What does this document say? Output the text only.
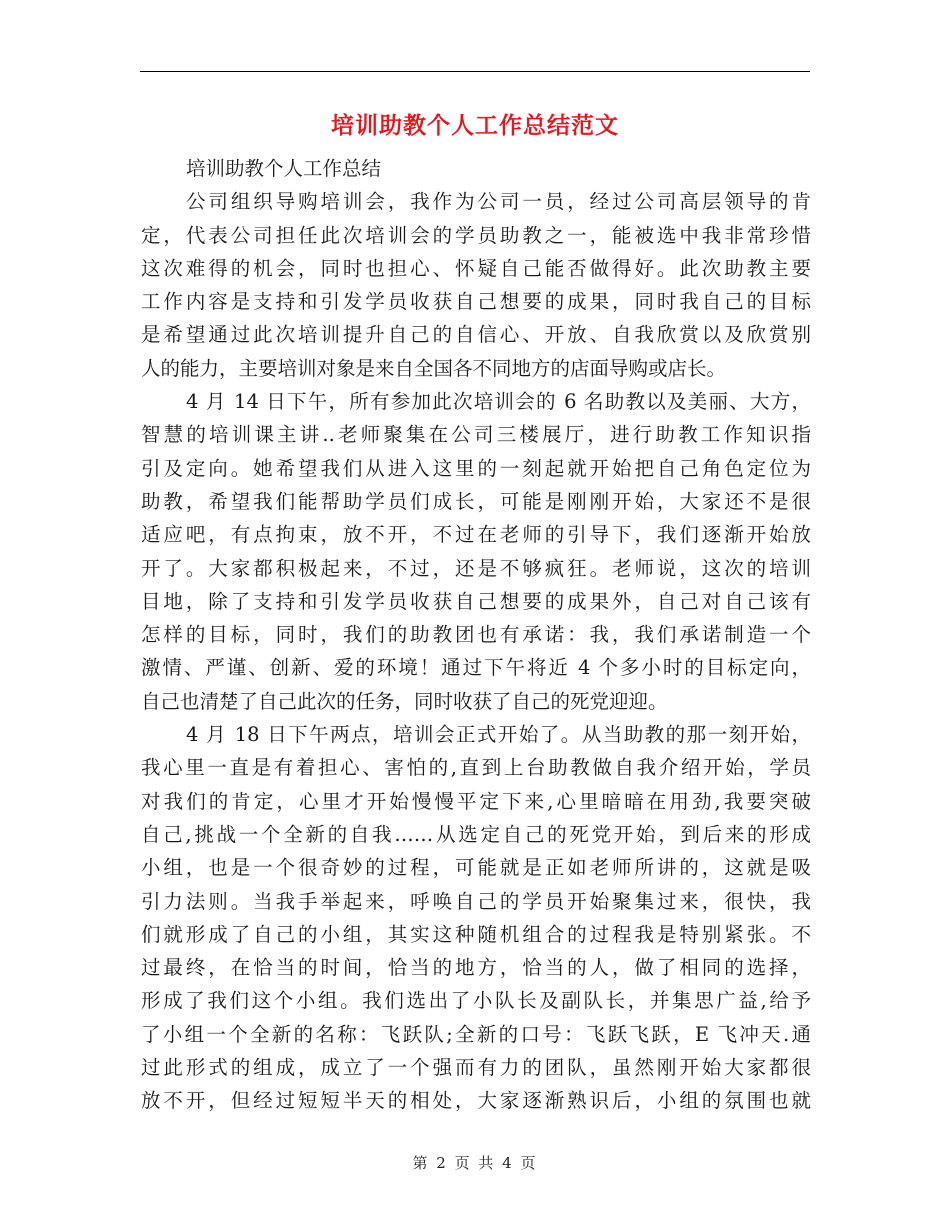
培训助教个人工作总结范文
培训助教个人工作总结
公司组织导购培训会，我作为公司一员，经过公司高层领导的肯
定，代表公司担任此次培训会的学员助教之一，能被选中我非常珍惜
这次难得的机会，同时也担心、怀疑自己能否做得好。此次助教主要
工作内容是支持和引发学员收获自己想要的成果，同时我自己的目标
是希望通过此次培训提升自己的自信心、开放、自我欣赏以及欣赏别
人的能力，主要培训对象是来自全国各不同地方的店面导购或店长。
4 月 14 日下午，所有参加此次培训会的 6 名助教以及美丽、大方，
智慧的培训课主讲..老师聚集在公司三楼展厅，进行助教工作知识指
引及定向。她希望我们从进入这里的一刻起就开始把自己角色定位为
助教，希望我们能帮助学员们成长，可能是刚刚开始，大家还不是很
适应吧，有点拘束，放不开，不过在老师的引导下，我们逐渐开始放
开了。大家都积极起来，不过，还是不够疯狂。老师说，这次的培训
目地，除了支持和引发学员收获自己想要的成果外，自己对自己该有
怎样的目标，同时，我们的助教团也有承诺：我，我们承诺制造一个
激情、严谨、创新、爱的环境！通过下午将近 4 个多小时的目标定向，
自己也清楚了自己此次的任务，同时收获了自己的死党迎迎。
4 月 18 日下午两点，培训会正式开始了。从当助教的那一刻开始，
我心里一直是有着担心、害怕的,直到上台助教做自我介绍开始，学员
对我们的肯定，心里才开始慢慢平定下来,心里暗暗在用劲,我要突破
自己,挑战一个全新的自我……从选定自己的死党开始，到后来的形成
小组，也是一个很奇妙的过程，可能就是正如老师所讲的，这就是吸
引力法则。当我手举起来，呼唤自己的学员开始聚集过来，很快，我
们就形成了自己的小组，其实这种随机组合的过程我是特别紧张。不
过最终，在恰当的时间，恰当的地方，恰当的人，做了相同的选择，
形成了我们这个小组。我们选出了小队长及副队长，并集思广益,给予
了小组一个全新的名称：飞跃队;全新的口号：飞跃飞跃，E 飞冲天.通
过此形式的组成，成立了一个强而有力的团队，虽然刚开始大家都很
放不开，但经过短短半天的相处，大家逐渐熟识后，小组的氛围也就
第 2 页 共 4 页
